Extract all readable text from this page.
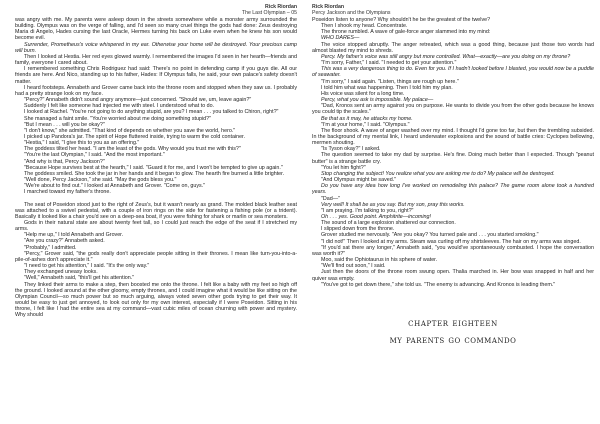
Rick Riordan
The Last Olympian – 05

was angry with me. My parents were asleep down in the streets somewhere while a monster army surrounded the building. Olympus was on the verge of falling, and I'd seen so many cruel things the gods had done: Zeus destroying Maria di Angelo, Hades cursing the last Oracle, Hermes turning his back on Luke even when he knew his son would become evil.

Surrender, Prometheus's voice whispered in my ear. Otherwise your home will be destroyed. Your precious camp will burn.

Then I looked at Hestia. Her red eyes glowed warmly. I remembered the images I'd seen in her hearth—friends and family, everyone I cared about.

I remembered something Chris Rodriguez had said: There's no point in defending camp if you guys die. All our friends are here. And Nico, standing up to his father, Hades: If Olympus falls, he said, your own palace's safety doesn't matter.

I heard footsteps. Annabeth and Grover came back into the throne room and stopped when they saw us. I probably had a pretty strange look on my face.

"Percy?" Annabeth didn't sound angry anymore—just concerned. "Should we, um, leave again?"

Suddenly I felt like someone had injected me with steel. I understood what to do.

I looked at Rachel. "You're not going to do anything stupid, are you? I mean . . . you talked to Chiron, right?"

She managed a faint smile. "You're worried about me doing something stupid?"

"But I mean . . . will you be okay?"

"I don't know," she admitted. "That kind of depends on whether you save the world, hero."

I picked up Pandora's jar. The spirit of Hope fluttered inside, trying to warm the cold container.

"Hestia," I said, "I give this to you as an offering."

The goddess tilted her head. "I am the least of the gods. Why would you trust me with this?"

"You're the last Olympian," I said. "And the most important."

"And why is that, Percy Jackson?"

"Because Hope survives best at the hearth," I said. "Guard it for me, and I won't be tempted to give up again."

The goddess smiled. She took the jar in her hands and it began to glow. The hearth fire burned a little brighter.

"Well done, Percy Jackson," she said. "May the gods bless you."

"We're about to find out." I looked at Annabeth and Grover. "Come on, guys."

I marched toward my father's throne.

The seat of Poseidon stood just to the right of Zeus's, but it wasn't nearly as grand. The molded black leather seat was attached to a swivel pedestal, with a couple of iron rings on the side for fastening a fishing pole (or a trident). Basically it looked like a chair you'd see on a deep-sea boat, if you were fishing for shark or marlin or sea monsters.

Gods in their natural state are about twenty feet tall, so I could just reach the edge of the seat if I stretched my arms.

"Help me up," I told Annabeth and Grover.

"Are you crazy?" Annabeth asked.

"Probably," I admitted.

"Percy," Grover said, "the gods really don't appreciate people sitting in their thrones. I mean like turn-you-into-a-pile-of-ashes don't appreciate it."

"I need to get his attention," I said. "It's the only way."

They exchanged uneasy looks.

"Well," Annabeth said, "this'll get his attention."

They linked their arms to make a step, then boosted me onto the throne. I felt like a baby with my feet so high off the ground. I looked around at the other gloomy, empty thrones, and I could imagine what it would be like sitting on the Olympian Council—so much power but so much arguing, always voted seven other gods trying to get their way. It would be easy to just get annoyed, to look out only for my own interest, especially if I were Poseidon. Sitting in his throne, I felt like I had the entire sea at my command—vast cubic miles of ocean churning with power and mystery. Why should

Rick Riordan
Percy Jackson and the Olympians

Poseidon listen to anyone? Why shouldn't he be the greatest of the twelve?

Then I shook my head. Concentrate.

The throne rumbled. A wave of gale-force anger slammed into my mind:

WHO DARES—

The voice stopped abruptly. The anger retreated, which was a good thing, because just those two words had almost blasted my mind to shreds.

Percy. My father's voice was still angry but more controlled. What—exactly—are you doing on my throne?

"I'm sorry, Father," I said. "I needed to get your attention."

This was a very dangerous thing to do. Even for you. If I hadn't looked before I blasted, you would now be a puddle of seawater.

"I'm sorry," I said again. "Listen, things are rough up here."

I told him what was happening. Then I told him my plan.

His voice was silent for a long time.

Percy, what you ask is impossible. My palace—

"Dad, Kronos sent an army against you on purpose. He wants to divide you from the other gods because he knows you could tip the scales."

Be that as it may, he attacks my home.

"I'm at your home," I said. "Olympus."

The floor shook. A wave of anger washed over my mind. I thought I'd gone too far, but then the trembling subsided. In the background of my mental link, I heard underwater explosions and the sound of battle cries: Cyclopes bellowing, mermen shouting.

"Is Tyson okay?" I asked.

The question seemed to take my dad by surprise. He's fine. Doing much better than I expected. Though "peanut butter" is a strange battle cry.

"You let him fight?"

Stop changing the subject! You realize what you are asking me to do? My palace will be destroyed.

"And Olympus might be saved."

Do you have any idea how long I've worked on remodeling this palace? The game room alone took a hundred years.

"Dad—"

Very well! It shall be as you say. But my son, pray this works.

"I am praying. I'm talking to you, right?"

Oh . . . yes. Good point. Amphitrite—incoming!

The sound of a large explosion shattered our connection.

I slipped down from the throne.

Grover studied me nervously. "Are you okay? You turned pale and . . . you started smoking."

"I did not!" Then I looked at my arms. Steam was curling off my shirtsleeves. The hair on my arms was singed.

"If you'd sat there any longer," Annabeth said, "you would've spontaneously combusted. I hope the conversation was worth it?"

Moo, said the Ophiotaurus in his sphere of water.

"We'll find out soon," I said.

Just then the doors of the throne room swung open. Thalia marched in. Her bow was snapped in half and her quiver was empty.

"You've got to get down there," she told us. "The enemy is advancing. And Kronos is leading them."

chapter eighteen
my parents go commando
